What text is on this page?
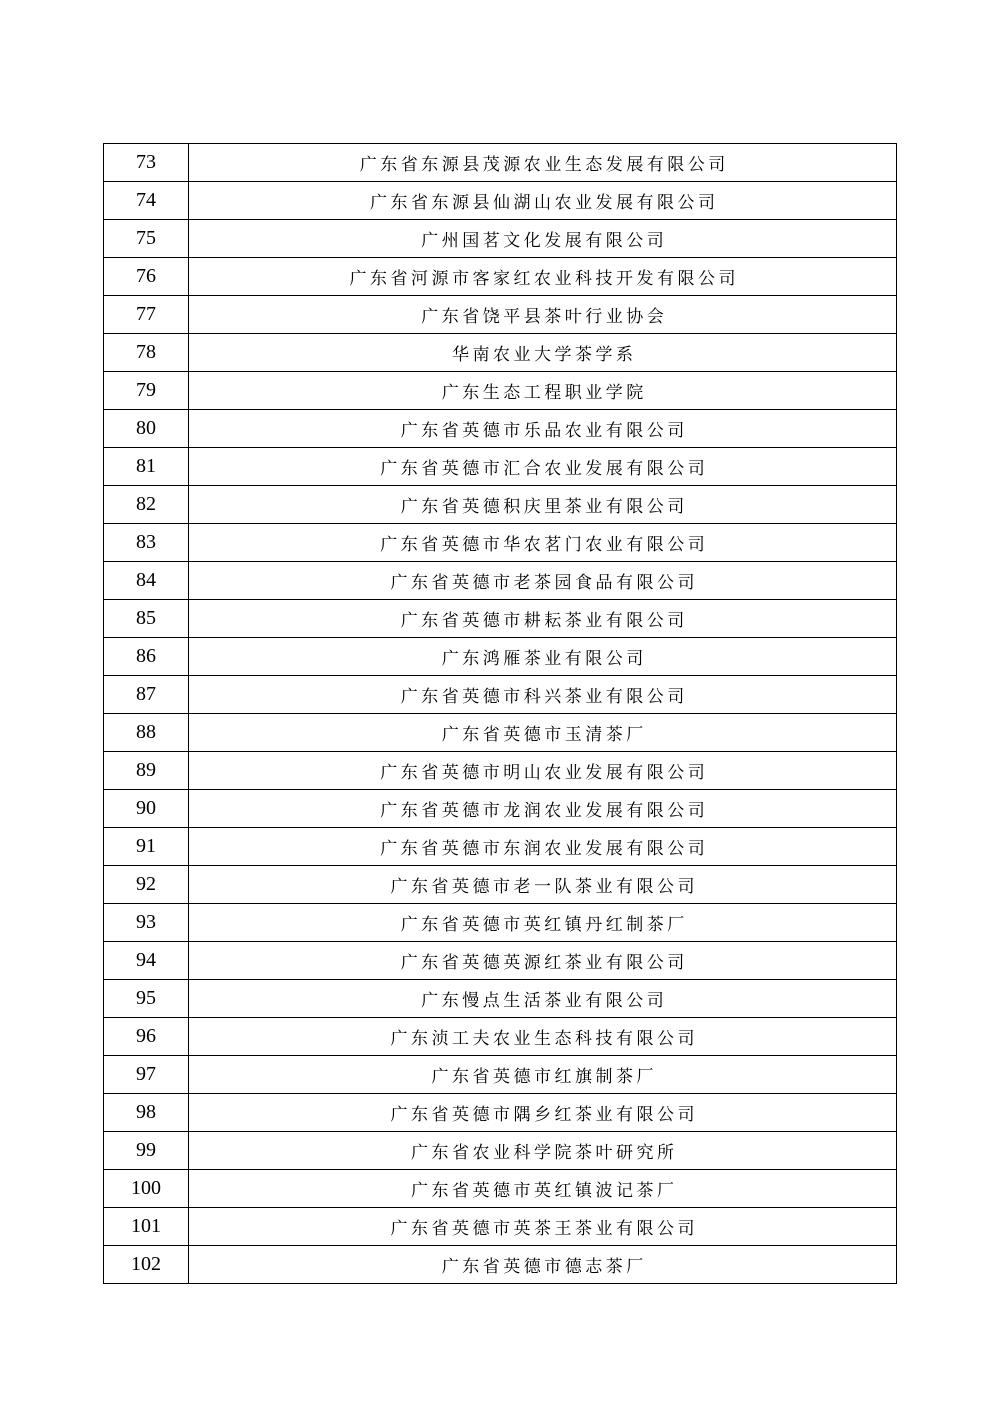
73	广东省东源县茂源农业生态发展有限公司
74	广东省东源县仙湖山农业发展有限公司
75	广州国茗文化发展有限公司
76	广东省河源市客家红农业科技开发有限公司
77	广东省饶平县茶叶行业协会
78	华南农业大学茶学系
79	广东生态工程职业学院
80	广东省英德市乐品农业有限公司
81	广东省英德市汇合农业发展有限公司
82	广东省英德积庆里茶业有限公司
83	广东省英德市华农茗门农业有限公司
84	广东省英德市老茶园食品有限公司
85	广东省英德市耕耘茶业有限公司
86	广东鸿雁茶业有限公司
87	广东省英德市科兴茶业有限公司
88	广东省英德市玉清茶厂
89	广东省英德市明山农业发展有限公司
90	广东省英德市龙润农业发展有限公司
91	广东省英德市东润农业发展有限公司
92	广东省英德市老一队茶业有限公司
93	广东省英德市英红镇丹红制茶厂
94	广东省英德英源红茶业有限公司
95	广东慢点生活茶业有限公司
96	广东浈工夫农业生态科技有限公司
97	广东省英德市红旗制茶厂
98	广东省英德市隅乡红茶业有限公司
99	广东省农业科学院茶叶研究所
100	广东省英德市英红镇波记茶厂
101	广东省英德市英茶王茶业有限公司
102	广东省英德市德志茶厂
